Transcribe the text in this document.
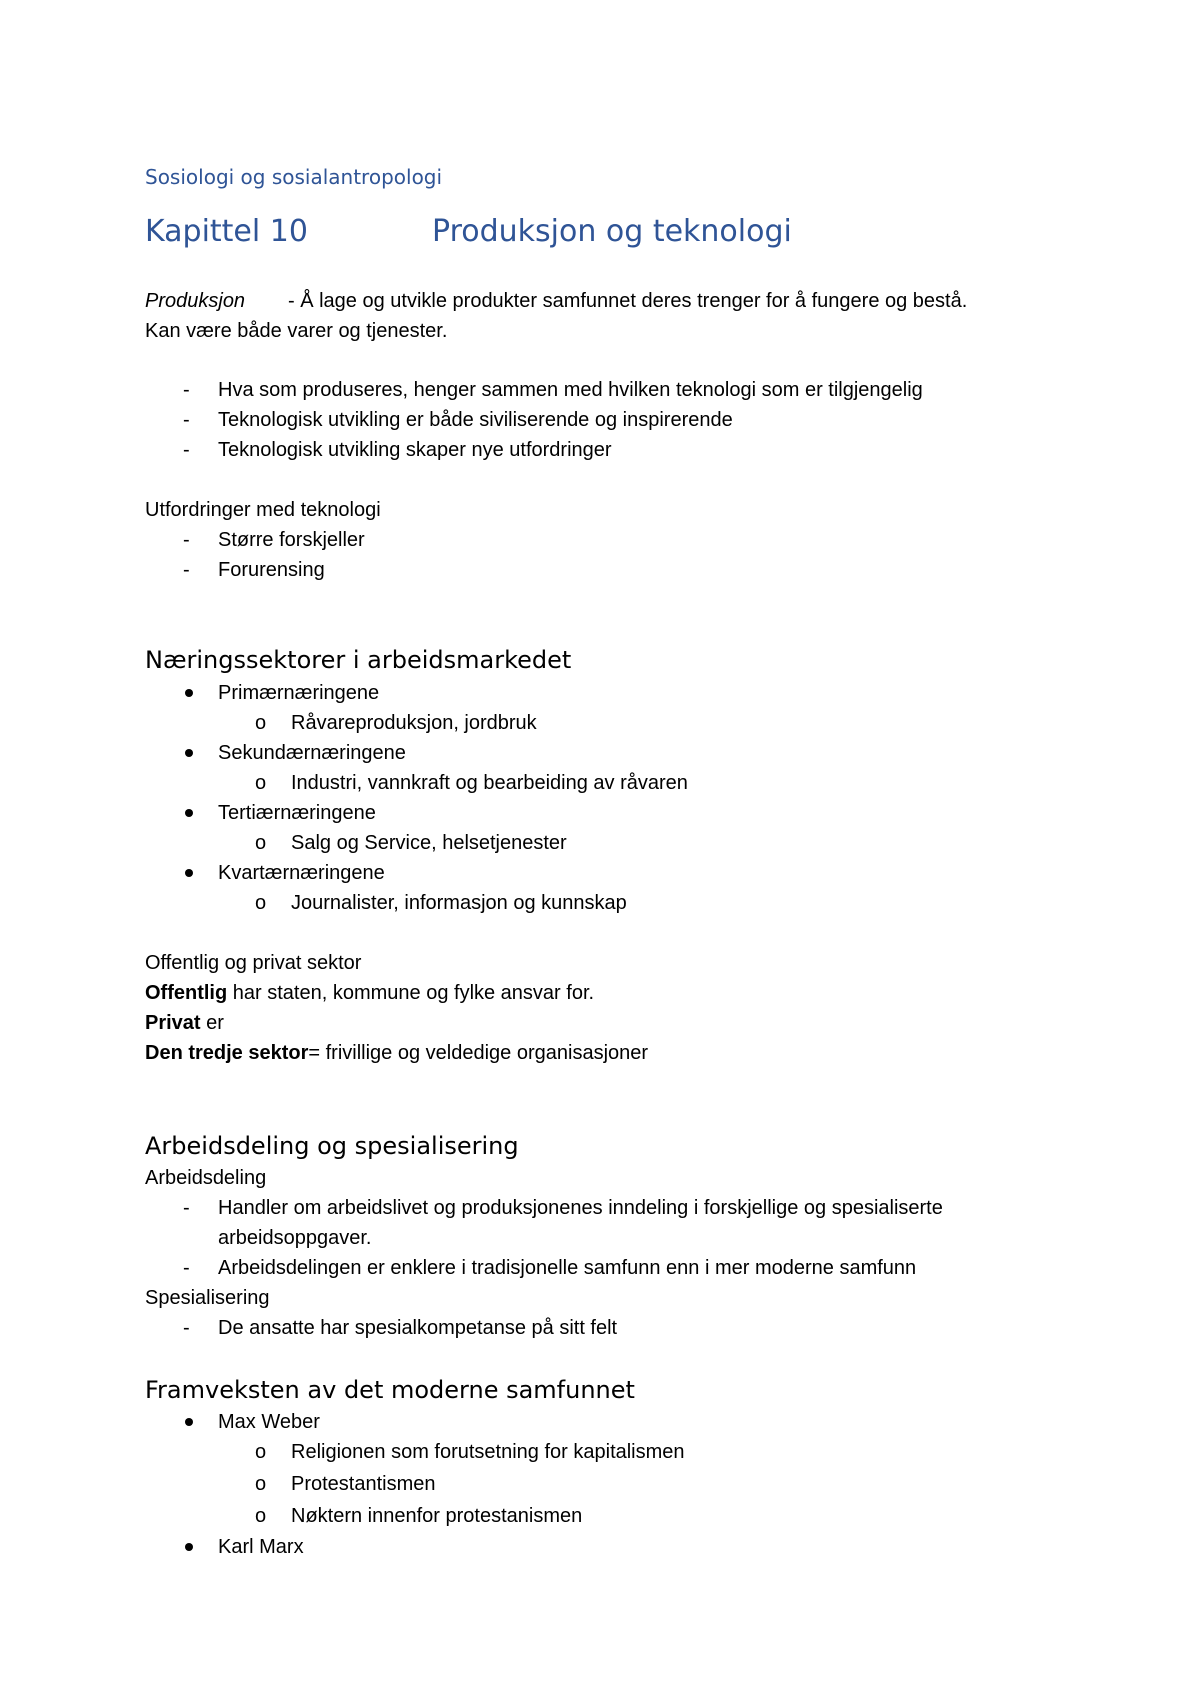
Sosiologi og sosialantropologi
Kapittel 10	Produksjon og teknologi
Produksjon - Å lage og utvikle produkter samfunnet deres trenger for å fungere og bestå.
Kan være både varer og tjenester.
- Hva som produseres, henger sammen med hvilken teknologi som er tilgjengelig
- Teknologisk utvikling er både siviliserende og inspirerende
- Teknologisk utvikling skaper nye utfordringer
Utfordringer med teknologi
- Større forskjeller
- Forurensing
Næringssektorer i arbeidsmarkedet
Primærnæringene
o Råvareproduksjon, jordbruk
Sekundærnæringene
o Industri, vannkraft og bearbeiding av råvaren
Tertiærnæringene
o Salg og Service, helsetjenester
Kvartærnæringene
o Journalister, informasjon og kunnskap
Offentlig og privat sektor
Offentlig har staten, kommune og fylke ansvar for.
Privat er
Den tredje sektor= frivillige og veldedige organisasjoner
Arbeidsdeling og spesialisering
Arbeidsdeling
- Handler om arbeidslivet og produksjonenes inndeling i forskjellige og spesialiserte
arbeidsoppgaver.
- Arbeidsdelingen er enklere i tradisjonelle samfunn enn i mer moderne samfunn
Spesialisering
- De ansatte har spesialkompetanse på sitt felt
Framveksten av det moderne samfunnet
Max Weber
o Religionen som forutsetning for kapitalismen
o Protestantismen
o Nøktern innenfor protestanismen
Karl Marx
